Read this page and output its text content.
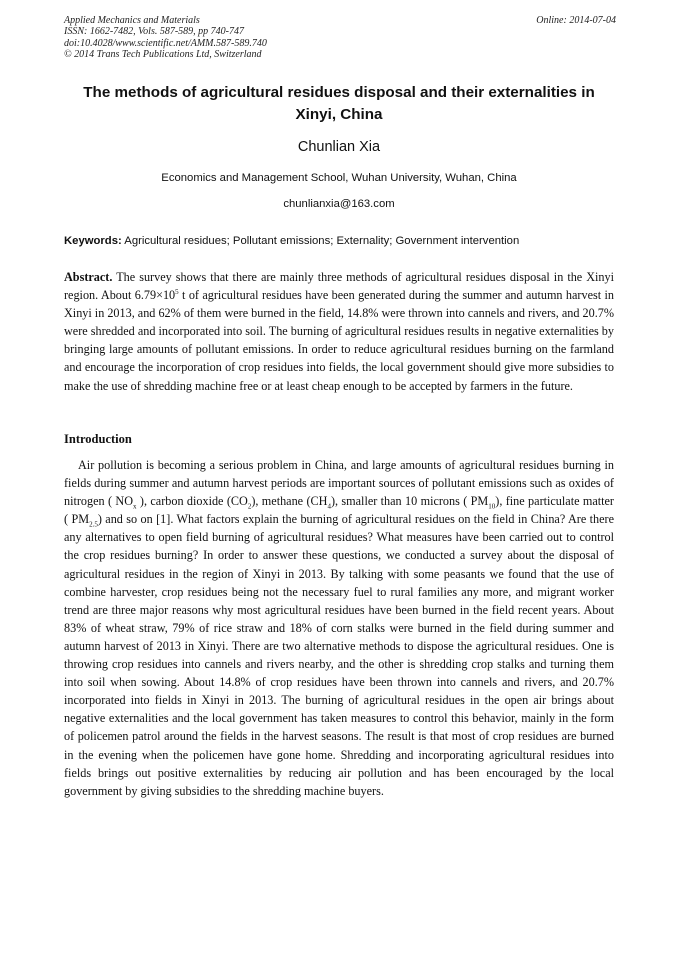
Applied Mechanics and Materials
ISSN: 1662-7482, Vols. 587-589, pp 740-747
doi:10.4028/www.scientific.net/AMM.587-589.740
© 2014 Trans Tech Publications Ltd, Switzerland
Online: 2014-07-04
The methods of agricultural residues disposal and their externalities in
Xinyi, China
Chunlian Xia
Economics and Management School, Wuhan University, Wuhan, China
chunlianxia@163.com
Keywords: Agricultural residues; Pollutant emissions; Externality; Government intervention
Abstract. The survey shows that there are mainly three methods of agricultural residues disposal in the Xinyi region. About $6.79\times 10^5$ t of agricultural residues have been generated during the summer and autumn harvest in Xinyi in 2013, and 62% of them were burned in the field, 14.8% were thrown into cannels and rivers, and 20.7% were shredded and incorporated into soil. The burning of agricultural residues results in negative externalities by bringing large amounts of pollutant emissions. In order to reduce agricultural residues burning on the farmland and encourage the incorporation of crop residues into fields, the local government should give more subsidies to make the use of shredding machine free or at least cheap enough to be accepted by farmers in the future.
Introduction

Air pollution is becoming a serious problem in China, and large amounts of agricultural residues burning in fields during summer and autumn harvest periods are important sources of pollutant emissions such as oxides of nitrogen ( $NO_x$ ), carbon dioxide $(CO_2)$, methane $(CH_4)$, smaller than 10 microns ( $PM_{10}$), fine particulate matter ( $PM_{2.5}$) and so on [1]. What factors explain the burning of agricultural residues on the field in China? Are there any alternatives to open field burning of agricultural residues? What measures have been carried out to control the crop residues burning? In order to answer these questions, we conducted a survey about the disposal of agricultural residues in the region of Xinyi in 2013. By talking with some peasants we found that the use of combine harvester, crop residues being not the necessary fuel to rural families any more, and migrant worker trend are three major reasons why most agricultural residues have been burned in the field recent years. About 83% of wheat straw, 79% of rice straw and 18% of corn stalks were burned in the field during summer and autumn harvest of 2013 in Xinyi. There are two alternative methods to dispose the agricultural residues. One is throwing crop residues into cannels and rivers nearby, and the other is shredding crop stalks and turning them into soil when sowing. About 14.8% of crop residues have been thrown into cannels and rivers, and 20.7% incorporated into fields in Xinyi in 2013. The burning of agricultural residues in the open air brings about negative externalities and the local government has taken measures to control this behavior, mainly in the form of policemen patrol around the fields in the harvest seasons. The result is that most of crop residues are burned in the evening when the policemen have gone home. Shredding and incorporating agricultural residues into fields brings out positive externalities by reducing air pollution and has been encouraged by the local government by giving subsidies to the shredding machine buyers.
